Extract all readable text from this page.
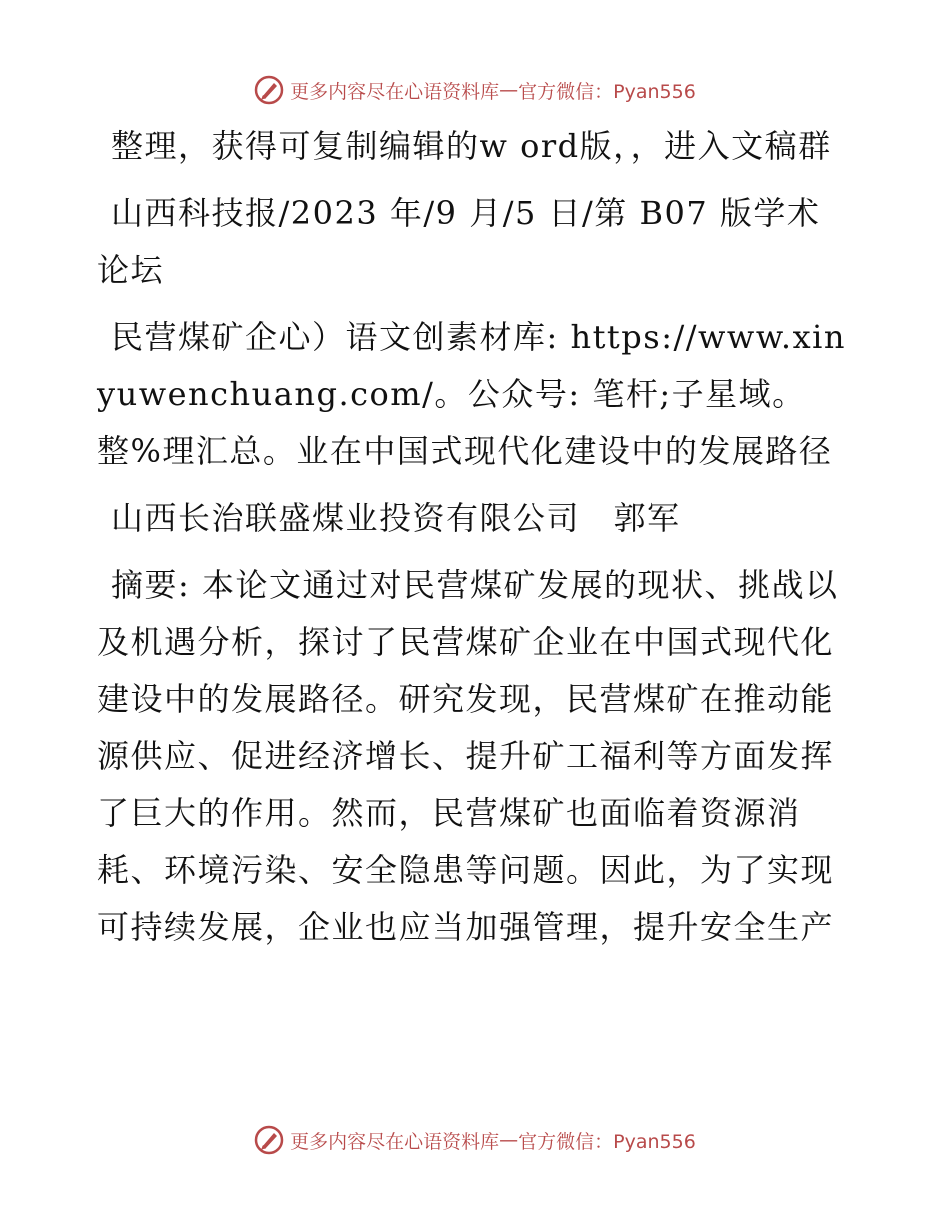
更多内容尽在心语资料库 — 官方微信：Pyan556

整理，获得可复制编辑的w ord版，，进入文稿群

山西科技报/2023 年/9 月/5 日/第 B07 版学术论坛

民营煤矿企心）语文创素材库: https://www.xinyuwenchuang.com/。公众号: 笔杆;子星域。整%理汇总。业在中国式现代化建设中的发展路径

山西长治联盛煤业投资有限公司　郭军

摘要: 本论文通过对民营煤矿发展的现状、挑战以及机遇分析，探讨了民营煤矿企业在中国式现代化建设中的发展路径。研究发现，民营煤矿在推动能源供应、促进经济增长、提升矿工福利等方面发挥了巨大的作用。然而，民营煤矿也面临着资源消耗、环境污染、安全隐患等问题。因此，为了实现可持续发展，企业也应当加强管理，提升安全生产

更多内容尽在心语资料库 — 官方微信：Pyan556
